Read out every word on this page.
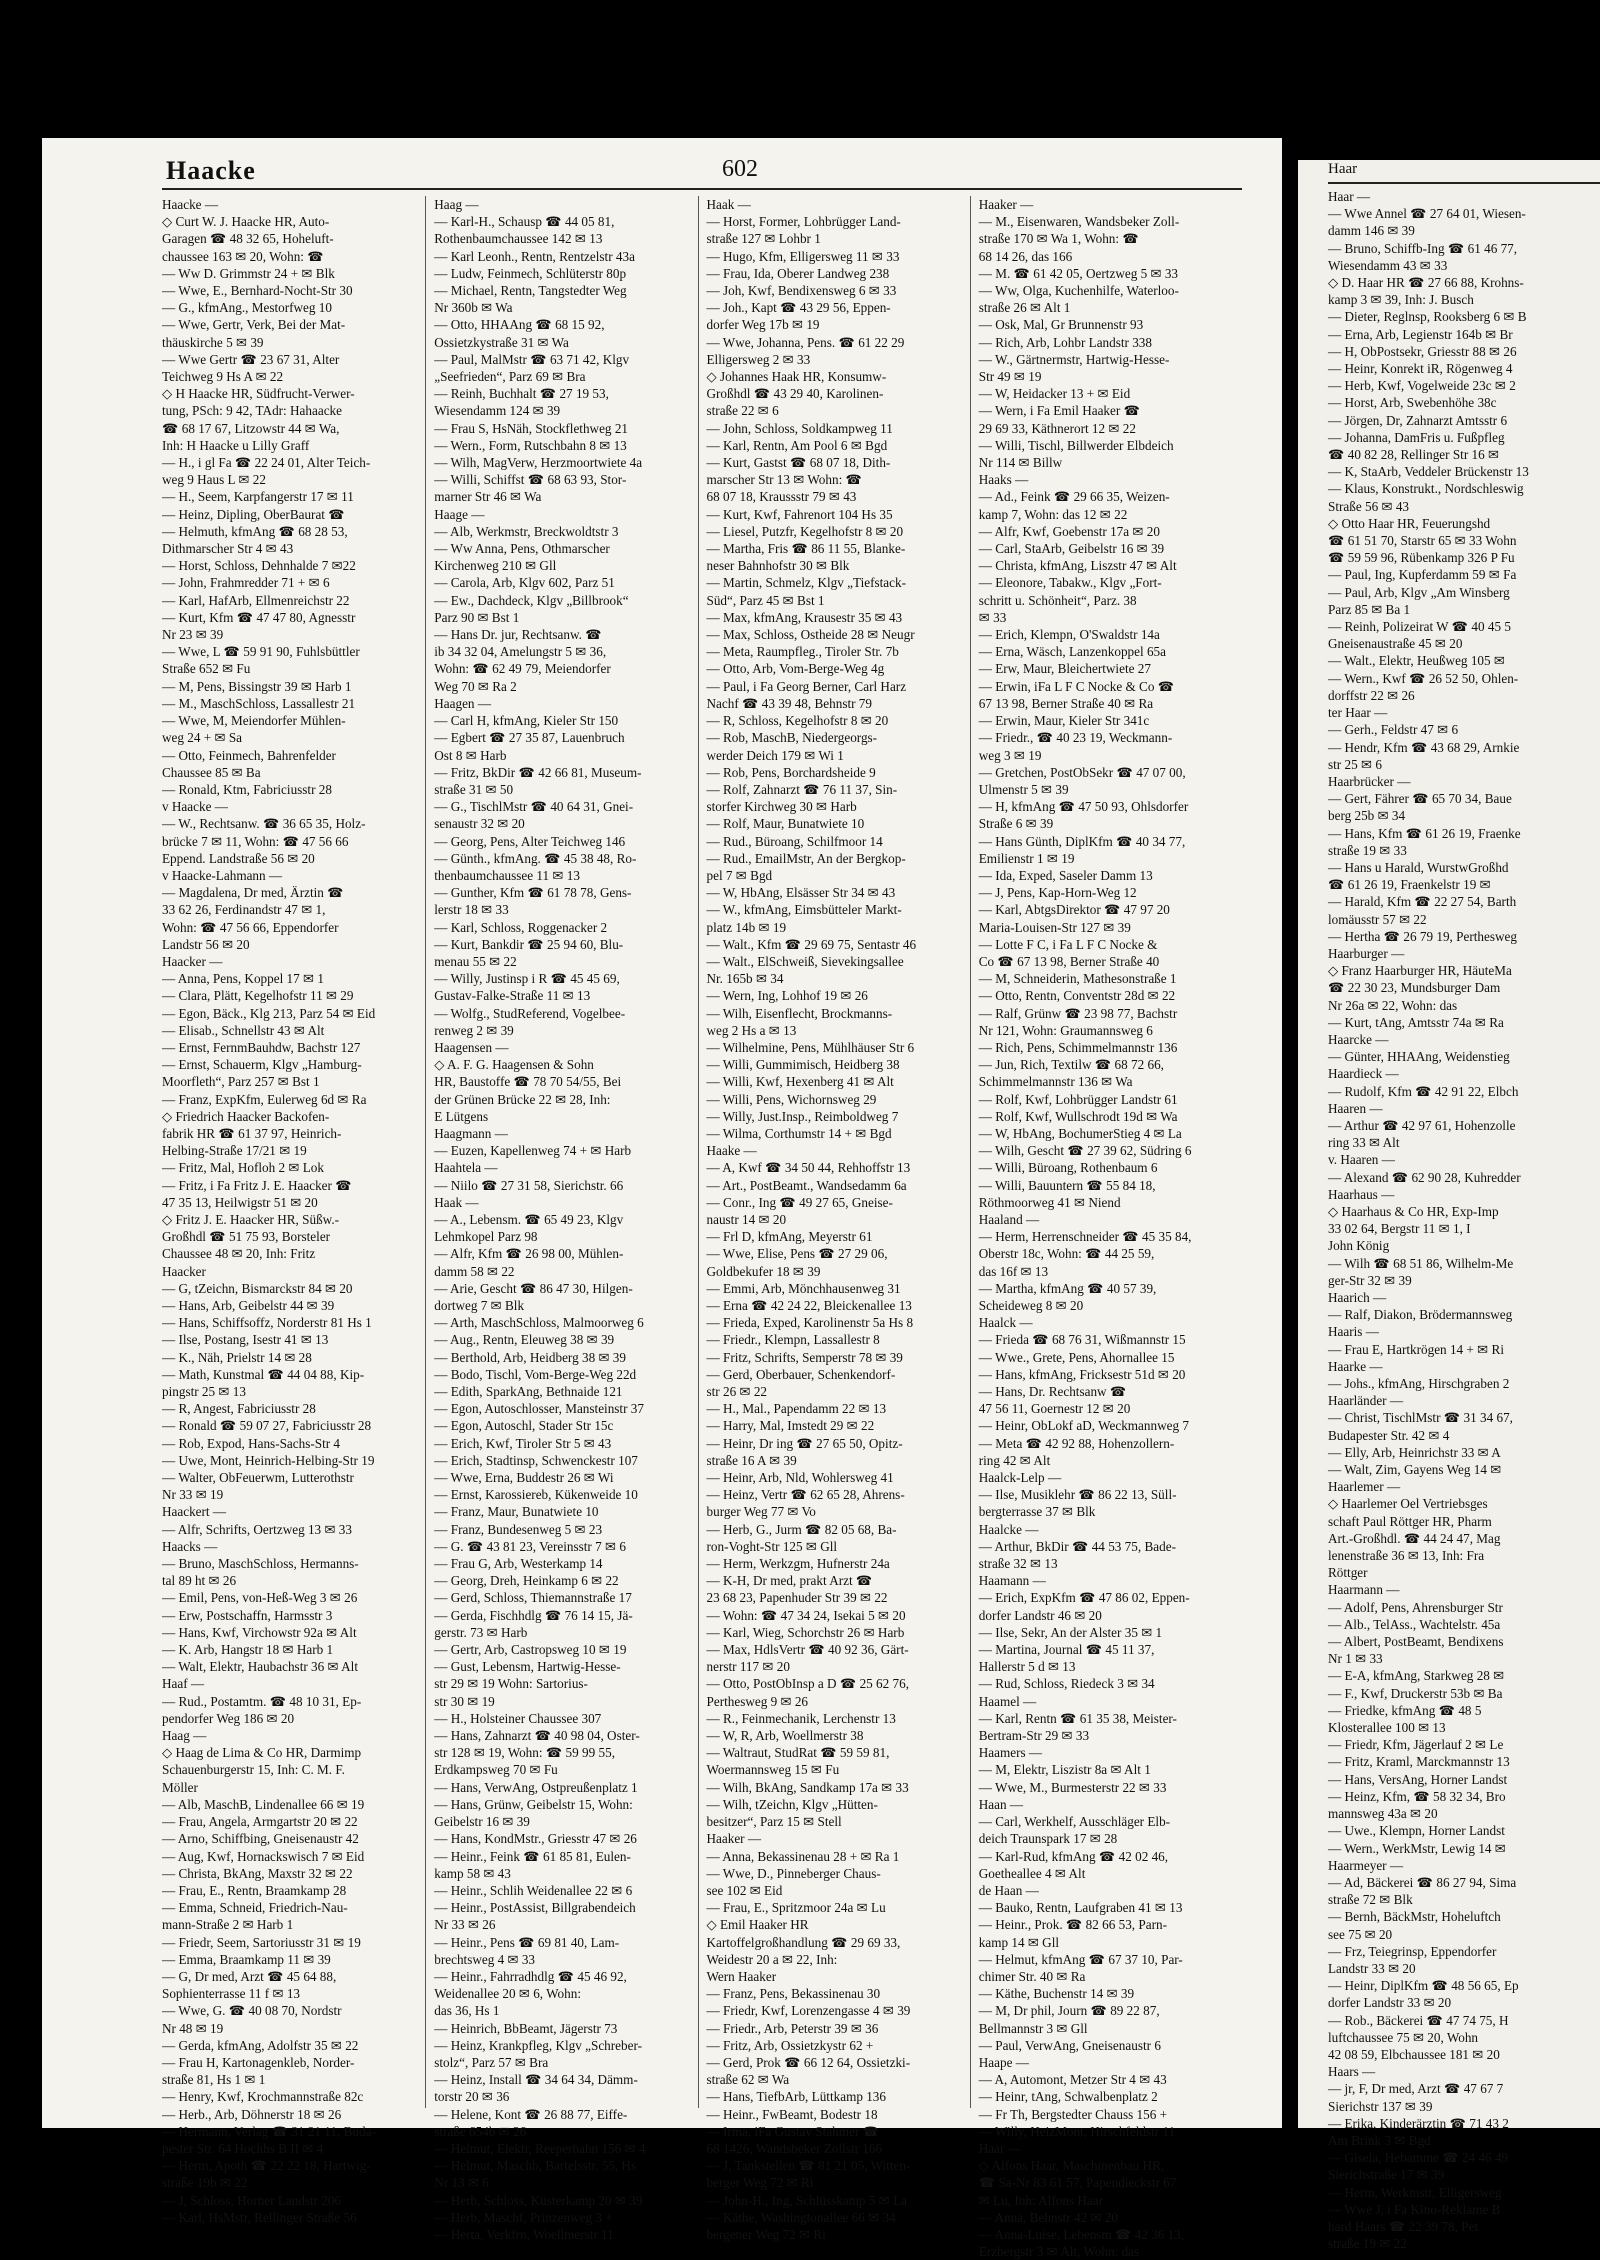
Haacke	602
Haacke —
◇ Curt W. J. Haacke HR, Auto-
Garagen ☎ 48 32 65, Hoheluft-
chaussee 163 ✉ 20, Wohn: ☎
— Ww D. Grimmstr 24 + ✉ Blk
— Wwe, E., Bernhard-Nocht-Str 30
— G., kfmAng., Mestorfweg 10
— Wwe, Gertr, Verk, Bei der Mat-
thäuskirche 5 ✉ 39
— Wwe Gertr ☎ 23 67 31, Alter
Teichweg 9 Hs A ✉ 22
◇ H Haacke HR, Südfrucht-Verwer-
tung, PSch: 9 42, TAdr: Hahaacke
☎ 68 17 67, Litzowstr 44 ✉ Wa,
Inh: H Haacke u Lilly Graff
— H., i gl Fa ☎ 22 24 01, Alter Teich-
weg 9 Haus L ✉ 22
— H., Seem, Karpfangerstr 17 ✉ 11
— Heinz, Dipling, OberBaurat ☎
— Helmuth, kfmAng ☎ 68 28 53,
Dithmarscher Str 4 ✉ 43
— Horst, Schloss, Dehnhalde 7 ✉22
— John, Frahmredder 71 + ✉ 6
— Karl, HafArb, Ellmenreichstr 22
— Kurt, Kfm ☎ 47 47 80, Agnesstr
Nr 23 ✉ 39
— Wwe, L ☎ 59 91 90, Fuhlsbüttler
Straße 652 ✉ Fu
— M, Pens, Bissingstr 39 ✉ Harb 1
— M., MaschSchloss, Lassallestr 21
— Wwe, M, Meiendorfer Mühlen-
weg 24 + ✉ Sa
— Otto, Feinmech, Bahrenfelder
Chaussee 85 ✉ Ba
— Ronald, Ktm, Fabriciusstr 28
v Haacke —
— W., Rechtsanw. ☎ 36 65 35, Holz-
brücke 7 ✉ 11, Wohn: ☎ 47 56 66
Eppend. Landstraße 56 ✉ 20
v Haacke-Lahmann —
— Magdalena, Dr med, Ärztin ☎
33 62 26, Ferdinandstr 47 ✉ 1,
Wohn: ☎ 47 56 66, Eppendorfer
Landstr 56 ✉ 20
Haacker —
— Anna, Pens, Koppel 17 ✉ 1
— Clara, Plätt, Kegelhofstr 11 ✉ 29
— Egon, Bäck., Klg 213, Parz 54 ✉ Eid
— Elisab., Schnellstr 43 ✉ Alt
— Ernst, FernmBauhdw, Bachstr 127
— Ernst, Schauerm, Klgv „Hamburg-
Moorfleth“, Parz 257 ✉ Bst 1
— Franz, ExpKfm, Eulerweg 6d ✉ Ra
◇ Friedrich Haacker Backofen-
fabrik HR ☎ 61 37 97, Heinrich-
Helbing-Straße 17/21 ✉ 19
— Fritz, Mal, Hofloh 2 ✉ Lok
— Fritz, i Fa Fritz J. E. Haacker ☎
47 35 13, Heilwigstr 51 ✉ 20
◇ Fritz J. E. Haacker HR, Süßw.-
Großhdl ☎ 51 75 93, Borsteler
Chaussee 48 ✉ 20, Inh: Fritz
Haacker
— G, tZeichn, Bismarckstr 84 ✉ 20
— Hans, Arb, Geibelstr 44 ✉ 39
— Hans, Schiffsoffz, Norderstr 81 Hs 1
— Ilse, Postang, Isestr 41 ✉ 13
— K., Näh, Prielstr 14 ✉ 28
— Math, Kunstmal ☎ 44 04 88, Kip-
pingstr 25 ✉ 13
— R, Angest, Fabriciusstr 28
— Ronald ☎ 59 07 27, Fabriciusstr 28
— Rob, Expod, Hans-Sachs-Str 4
— Uwe, Mont, Heinrich-Helbing-Str 19
— Walter, ObFeuerwm, Lutterothstr
Nr 33 ✉ 19
Haackert —
— Alfr, Schrifts, Oertzweg 13 ✉ 33
Haacks —
— Bruno, MaschSchloss, Hermanns-
tal 89 ht ✉ 26
— Emil, Pens, von-Heß-Weg 3 ✉ 26
— Erw, Postschaffn, Harmsstr 3
— Hans, Kwf, Virchowstr 92a ✉ Alt
— K. Arb, Hangstr 18 ✉ Harb 1
— Walt, Elektr, Haubachstr 36 ✉ Alt
Haaf —
— Rud., Postamtm. ☎ 48 10 31, Ep-
pendorfer Weg 186 ✉ 20
Haag —
◇ Haag de Lima & Co HR, Darmimp
Schauenburgerstr 15, Inh: C. M. F.
Möller
— Alb, MaschB, Lindenallee 66 ✉ 19
— Frau, Angela, Armgartstr 20 ✉ 22
— Arno, Schiffbing, Gneisenaustr 42
— Aug, Kwf, Hornackswisch 7 ✉ Eid
— Christa, BkAng, Maxstr 32 ✉ 22
— Frau, E., Rentn, Braamkamp 28
— Emma, Schneid, Friedrich-Nau-
mann-Straße 2 ✉ Harb 1
— Friedr, Seem, Sartoriusstr 31 ✉ 19
— Emma, Braamkamp 11 ✉ 39
— G, Dr med, Arzt ☎ 45 64 88,
Sophienterrasse 11 f ✉ 13
— Wwe, G. ☎ 40 08 70, Nordstr
Nr 48 ✉ 19
— Gerda, kfmAng, Adolfstr 35 ✉ 22
— Frau H, Kartonagenkleb, Norder-
straße 81, Hs 1 ✉ 1
— Henry, Kwf, Krochmannstraße 82c
— Herb., Arb, Döhnerstr 18 ✉ 26
— Hermann, Verlag ☎ 31 21 11, Buda-
pester Str. 64 Hochhs B II ✉ 4
— Herm, Apoth ☎ 22 22 18, Hartwig-
straße 19b ✉ 22
— J, Schloss, Horner Landstr 206
— Karl, HsMstr, Rellinger Straße 56
Haag —
— Karl-H., Schausp ☎ 44 05 81,
Rothenbaumchaussee 142 ✉ 13
— Karl Leonh., Rentn, Rentzelstr 43a
— Ludw, Feinmech, Schlüterstr 80p
— Michael, Rentn, Tangstedter Weg
Nr 360b ✉ Wa
— Otto, HHAAng ☎ 68 15 92,
Ossietzkystraße 31 ✉ Wa
— Paul, MalMstr ☎ 63 71 42, Klgv
„Seefrieden“, Parz 69 ✉ Bra
— Reinh, Buchhalt ☎ 27 19 53,
Wiesendamm 124 ✉ 39
— Frau S, HsNäh, Stockflethweg 21
— Wern., Form, Rutschbahn 8 ✉ 13
— Wilh, MagVerw, Herzmoortwiete 4a
— Willi, Schiffst ☎ 68 63 93, Stor-
marner Str 46 ✉ Wa
Haage —
— Alb, Werkmstr, Breckwoldtstr 3
— Ww Anna, Pens, Othmarscher
Kirchenweg 210 ✉ Gll
— Carola, Arb, Klgv 602, Parz 51
— Ew., Dachdeck, Klgv „Billbrook“
Parz 90 ✉ Bst 1
— Hans Dr. jur, Rechtsanw. ☎
ib 34 32 04, Amelungstr 5 ✉ 36,
Wohn: ☎ 62 49 79, Meiendorfer
Weg 70 ✉ Ra 2
Haagen —
— Carl H, kfmAng, Kieler Str 150
— Egbert ☎ 27 35 87, Lauenbruch
Ost 8 ✉ Harb
— Fritz, BkDir ☎ 42 66 81, Museum-
straße 31 ✉ 50
— G., TischlMstr ☎ 40 64 31, Gnei-
senaustr 32 ✉ 20
— Georg, Pens, Alter Teichweg 146
— Günth., kfmAng. ☎ 45 38 48, Ro-
thenbaumchaussee 11 ✉ 13
— Gunther, Kfm ☎ 61 78 78, Gens-
lerstr 18 ✉ 33
— Karl, Schloss, Roggenacker 2
— Kurt, Bankdir ☎ 25 94 60, Blu-
menau 55 ✉ 22
— Willy, Justinsp i R ☎ 45 45 69,
Gustav-Falke-Straße 11 ✉ 13
— Wolfg., StudReferend, Vogelbee-
renweg 2 ✉ 39
Haagensen —
◇ A. F. G. Haagensen & Sohn
HR, Baustoffe ☎ 78 70 54/55, Bei
der Grünen Brücke 22 ✉ 28, Inh:
E Lütgens
Haagmann —
— Euzen, Kapellenweg 74 + ✉ Harb
Haahtela —
— Niilo ☎ 27 31 58, Sierichstr. 66
Haak —
— A., Lebensm. ☎ 65 49 23, Klgv
Lehmkopel Parz 98
— Alfr, Kfm ☎ 26 98 00, Mühlen-
damm 58 ✉ 22
— Arie, Gescht ☎ 86 47 30, Hilgen-
dortweg 7 ✉ Blk
— Arth, MaschSchloss, Malmoorweg 6
— Aug., Rentn, Eleuweg 38 ✉ 39
— Berthold, Arb, Heidberg 38 ✉ 39
— Bodo, Tischl, Vom-Berge-Weg 22d
— Edith, SparkAng, Bethnaide 121
— Egon, Autoschlosser, Mansteinstr 37
— Egon, Autoschl, Stader Str 15c
— Erich, Kwf, Tiroler Str 5 ✉ 43
— Erich, Stadtinsp, Schwenckestr 107
— Wwe, Erna, Buddestr 26 ✉ Wi
— Ernst, Karossiereb, Kükenweide 10
— Franz, Maur, Bunatwiete 10
— Franz, Bundesenweg 5 ✉ 23
— G. ☎ 43 81 23, Vereinsstr 7 ✉ 6
— Frau G, Arb, Westerkamp 14
— Georg, Dreh, Heinkamp 6 ✉ 22
— Gerd, Schloss, Thiemannstraße 17
— Gerda, Fischhdlg ☎ 76 14 15, Jä-
gerstr. 73 ✉ Harb
— Gertr, Arb, Castropsweg 10 ✉ 19
— Gust, Lebensm, Hartwig-Hesse-
str 29 ✉ 19 Wohn: Sartorius-
str 30 ✉ 19
— H., Holsteiner Chaussee 307
— Hans, Zahnarzt ☎ 40 98 04, Oster-
str 128 ✉ 19, Wohn: ☎ 59 99 55,
Erdkampsweg 70 ✉ Fu
— Hans, VerwAng, Ostpreußenplatz 1
— Hans, Grünw, Geibelstr 15, Wohn:
Geibelstr 16 ✉ 39
— Hans, KondMstr., Griesstr 47 ✉ 26
— Heinr., Feink ☎ 61 85 81, Eulen-
kamp 58 ✉ 43
— Heinr., Schlih Weidenallee 22 ✉ 6
— Heinr., PostAssist, Billgrabendeich
Nr 33 ✉ 26
— Heinr., Pens ☎ 69 81 40, Lam-
brechtsweg 4 ✉ 33
— Heinr., Fahrradhdlg ☎ 45 46 92,
Weidenallee 20 ✉ 6, Wohn:
das 36, Hs 1
— Heinrich, BbBeamt, Jägerstr 73
— Heinz, Krankpfleg, Klgv „Schreber-
stolz“, Parz 57 ✉ Bra
— Heinz, Install ☎ 34 64 34, Dämm-
torstr 20 ✉ 36
— Helene, Kont ☎ 26 88 77, Eiffe-
straße 654b ✉ 26
— Helmut, Elektr, Reeperbahn 156 ✉ 4
— Helmut, Maschb, Bartelsstr. 55, Hs
Nr 13 ✉ 6
— Herb, Schloss, Küsterkamp 20 ✉ 39
— Herb, Maschf, Prinzenweg 3 +
— Herta, Verkfrn, Woellmerstr 11
Haak —
— Horst, Former, Lohbrügger Land-
straße 127 ✉ Lohbr 1
— Hugo, Kfm, Elligersweg 11 ✉ 33
— Frau, Ida, Oberer Landweg 238
— Joh, Kwf, Bendixensweg 6 ✉ 33
— Joh., Kapt ☎ 43 29 56, Eppen-
dorfer Weg 17b ✉ 19
— Wwe, Johanna, Pens. ☎ 61 22 29
Elligersweg 2 ✉ 33
◇ Johannes Haak HR, Konsumw-
Großhdl ☎ 43 29 40, Karolinen-
straße 22 ✉ 6
— John, Schloss, Soldkampweg 11
— Karl, Rentn, Am Pool 6 ✉ Bgd
— Kurt, Gastst ☎ 68 07 18, Dith-
marscher Str 13 ✉ Wohn: ☎
68 07 18, Kraussstr 79 ✉ 43
— Kurt, Kwf, Fahrenort 104 Hs 35
— Liesel, Putzfr, Kegelhofstr 8 ✉ 20
— Martha, Fris ☎ 86 11 55, Blanke-
neser Bahnhofstr 30 ✉ Blk
— Martin, Schmelz, Klgv „Tiefstack-
Süd“, Parz 45 ✉ Bst 1
— Max, kfmAng, Krausestr 35 ✉ 43
— Max, Schloss, Ostheide 28 ✉ Neugr
— Meta, Raumpfleg., Tiroler Str. 7b
— Otto, Arb, Vom-Berge-Weg 4g
— Paul, i Fa Georg Berner, Carl Harz
Nachf ☎ 43 39 48, Behnstr 79
— R, Schloss, Kegelhofstr 8 ✉ 20
— Rob, MaschB, Niedergeorgs-
werder Deich 179 ✉ Wi 1
— Rob, Pens, Borchardsheide 9
— Rolf, Zahnarzt ☎ 76 11 37, Sin-
storfer Kirchweg 30 ✉ Harb
— Rolf, Maur, Bunatwiete 10
— Rud., Büroang, Schilfmoor 14
— Rud., EmailMstr, An der Bergkop-
pel 7 ✉ Bgd
— W, HbAng, Elsässer Str 34 ✉ 43
— W., kfmAng, Eimsbütteler Markt-
platz 14b ✉ 19
— Walt., Kfm ☎ 29 69 75, Sentastr 46
— Walt., ElSchweiß, Sievekingsallee
Nr. 165b ✉ 34
— Wern, Ing, Lohhof 19 ✉ 26
— Wilh, Eisenflecht, Brockmanns-
weg 2 Hs a ✉ 13
— Wilhelmine, Pens, Mühlhäuser Str 6
— Willi, Gummimisch, Heidberg 38
— Willi, Kwf, Hexenberg 41 ✉ Alt
— Willi, Pens, Wichornsweg 29
— Willy, Just.Insp., Reimboldweg 7
— Wilma, Corthumstr 14 + ✉ Bgd
Haake —
— A, Kwf ☎ 34 50 44, Rehhoffstr 13
— Art., PostBeamt., Wandsedamm 6a
— Conr., Ing ☎ 49 27 65, Gneise-
naustr 14 ✉ 20
— Frl D, kfmAng, Meyerstr 61
— Wwe, Elise, Pens ☎ 27 29 06,
Goldbekufer 18 ✉ 39
— Emmi, Arb, Mönchhausenweg 31
— Erna ☎ 42 24 22, Bleickenallee 13
— Frieda, Exped, Karolinenstr 5a Hs 8
— Friedr., Klempn, Lassallestr 8
— Fritz, Schrifts, Semperstr 78 ✉ 39
— Gerd, Oberbauer, Schenkendorf-
str 26 ✉ 22
— H., Mal., Papendamm 22 ✉ 13
— Harry, Mal, Imstedt 29 ✉ 22
— Heinr, Dr ing ☎ 27 65 50, Opitz-
straße 16 A ✉ 39
— Heinr, Arb, Nld, Wohlersweg 41
— Heinz, Vertr ☎ 62 65 28, Ahrens-
burger Weg 77 ✉ Vo
— Herb, G., Jurm ☎ 82 05 68, Ba-
ron-Voght-Str 125 ✉ Gll
— Herm, Werkzgm, Hufnerstr 24a
— K-H, Dr med, prakt Arzt ☎
23 68 23, Papenhuder Str 39 ✉ 22
— Wohn: ☎ 47 34 24, Isekai 5 ✉ 20
— Karl, Wieg, Schorchstr 26 ✉ Harb
— Max, HdlsVertr ☎ 40 92 36, Gärt-
nerstr 117 ✉ 20
— Otto, PostObInsp a D ☎ 25 62 76,
Perthesweg 9 ✉ 26
— R., Feinmechanik, Lerchenstr 13
— W, R, Arb, Woellmerstr 38
— Waltraut, StudRat ☎ 59 59 81,
Woermannsweg 15 ✉ Fu
— Wilh, BkAng, Sandkamp 17a ✉ 33
— Wilh, tZeichn, Klgv „Hütten-
besitzer“, Parz 15 ✉ Stell
Haaker —
— Anna, Bekassinenau 28 + ✉ Ra 1
— Wwe, D., Pinneberger Chaus-
see 102 ✉ Eid
— Frau, E., Spritzmoor 24a ✉ Lu
◇ Emil Haaker HR
Kartoffelgroßhandlung ☎ 29 69 33,
Weidestr 20 a ✉ 22, Inh:
Wern Haaker
— Franz, Pens, Bekassinenau 30
— Friedr, Kwf, Lorenzengasse 4 ✉ 39
— Friedr., Arb, Peterstr 39 ✉ 36
— Fritz, Arb, Ossietzkystr 62 +
— Gerd, Prok ☎ 66 12 64, Ossietzki-
straße 62 ✉ Wa
— Hans, TiefbArb, Lüttkamp 136
— Heinr., FwBeamt, Bodestr 18
— Irma, iFa Gustav Stahmer ☎
68 1426, Wandsbeker Zollstr 166
— J, Tankstellen ☎ 81 21 05, Witten-
berger Weg 72 ✉ Ri
— John-H., Ing, Schlüsskamp 5 ✉ La
— Käthe, Washingtonallee 66 ✉ 34
bergener Weg 72 ✉ Ri
Haaker —
— M., Eisenwaren, Wandsbeker Zoll-
straße 170 ✉ Wa 1, Wohn: ☎
68 14 26, das 166
— M. ☎ 61 42 05, Oertzweg 5 ✉ 33
— Ww, Olga, Kuchenhilfe, Waterloo-
straße 26 ✉ Alt 1
— Osk, Mal, Gr Brunnenstr 93
— Rich, Arb, Lohbr Landstr 338
— W., Gärtnermstr, Hartwig-Hesse-
Str 49 ✉ 19
— W, Heidacker 13 + ✉ Eid
— Wern, i Fa Emil Haaker ☎
29 69 33, Käthnerort 12 ✉ 22
— Willi, Tischl, Billwerder Elbdeich
Nr 114 ✉ Billw
Haaks —
— Ad., Feink ☎ 29 66 35, Weizen-
kamp 7, Wohn: das 12 ✉ 22
— Alfr, Kwf, Goebenstr 17a ✉ 20
— Carl, StaArb, Geibelstr 16 ✉ 39
— Christa, kfmAng, Liszstr 47 ✉ Alt
— Eleonore, Tabakw., Klgv „Fort-
schritt u. Schönheit“, Parz. 38
✉ 33
— Erich, Klempn, O'Swaldstr 14a
— Erna, Wäsch, Lanzenkoppel 65a
— Erw, Maur, Bleichertwiete 27
— Erwin, iFa L F C Nocke & Co ☎
67 13 98, Berner Straße 40 ✉ Ra
— Erwin, Maur, Kieler Str 341c
— Friedr., ☎ 40 23 19, Weckmann-
weg 3 ✉ 19
— Gretchen, PostObSekr ☎ 47 07 00,
Ulmenstr 5 ✉ 39
— H, kfmAng ☎ 47 50 93, Ohlsdorfer
Straße 6 ✉ 39
— Hans Günth, DiplKfm ☎ 40 34 77,
Emilienstr 1 ✉ 19
— Ida, Exped, Saseler Damm 13
— J, Pens, Kap-Horn-Weg 12
— Karl, AbtgsDirektor ☎ 47 97 20
Maria-Louisen-Str 127 ✉ 39
— Lotte F C, i Fa L F C Nocke &
Co ☎ 67 13 98, Berner Straße 40
— M, Schneiderin, Mathesonstraße 1
— Otto, Rentn, Conventstr 28d ✉ 22
— Ralf, Grünw ☎ 23 98 77, Bachstr
Nr 121, Wohn: Graumannsweg 6
— Rich, Pens, Schimmelmannstr 136
— Jun, Rich, Textilw ☎ 68 72 66,
Schimmelmannstr 136 ✉ Wa
— Rolf, Kwf, Lohbrügger Landstr 61
— Rolf, Kwf, Wullschrodt 19d ✉ Wa
— W, HbAng, BochumerStieg 4 ✉ La
— Wilh, Gescht ☎ 27 39 62, Südring 6
— Willi, Büroang, Rothenbaum 6
— Willi, Bauuntern ☎ 55 84 18,
Röthmoorweg 41 ✉ Niend
Haaland —
— Herm, Herrenschneider ☎ 45 35 84,
Oberstr 18c, Wohn: ☎ 44 25 59,
das 16f ✉ 13
— Martha, kfmAng ☎ 40 57 39,
Scheideweg 8 ✉ 20
Haalck —
— Frieda ☎ 68 76 31, Wißmannstr 15
— Wwe., Grete, Pens, Ahornallee 15
— Hans, kfmAng, Fricksestr 51d ✉ 20
— Hans, Dr. Rechtsanw ☎
47 56 11, Goernestr 12 ✉ 20
— Heinr, ObLokf aD, Weckmannweg 7
— Meta ☎ 42 92 88, Hohenzollern-
ring 42 ✉ Alt
Haalck-Lelp —
— Ilse, Musiklehr ☎ 86 22 13, Süll-
bergterrasse 37 ✉ Blk
Haalcke —
— Arthur, BkDir ☎ 44 53 75, Bade-
straße 32 ✉ 13
Haamann —
— Erich, ExpKfm ☎ 47 86 02, Eppen-
dorfer Landstr 46 ✉ 20
— Ilse, Sekr, An der Alster 35 ✉ 1
— Martina, Journal ☎ 45 11 37,
Hallerstr 5 d ✉ 13
— Rud, Schloss, Riedeck 3 ✉ 34
Haamel —
— Karl, Rentn ☎ 61 35 38, Meister-
Bertram-Str 29 ✉ 33
Haamers —
— M, Elektr, Liszistr 8a ✉ Alt 1
— Wwe, M., Burmesterstr 22 ✉ 33
Haan —
— Carl, Werkhelf, Ausschläger Elb-
deich Traunspark 17 ✉ 28
— Karl-Rud, kfmAng ☎ 42 02 46,
Goetheallee 4 ✉ Alt
de Haan —
— Bauko, Rentn, Laufgraben 41 ✉ 13
— Heinr., Prok. ☎ 82 66 53, Parn-
kamp 14 ✉ Gll
— Helmut, kfmAng ☎ 67 37 10, Par-
chimer Str. 40 ✉ Ra
— Käthe, Buchenstr 14 ✉ 39
— M, Dr phil, Journ ☎ 89 22 87,
Bellmannstr 3 ✉ Gll
— Paul, VerwAng, Gneisenaustr 6
Haape —
— A, Automont, Metzer Str 4 ✉ 43
— Heinr, tAng, Schwalbenplatz 2
— Fr Th, Bergstedter Chauss 156 +
— Willy, HeizMont, Hirschfeldstr 11
Haar —
◇ Alfons Haar, Maschinenbau HR,
☎ Sa-Nr 83 61 57, Papendieckstr 67
✉ Lu, Inh: Alfons Haar
— Anna, Behnstr 42 ✉ 20
— Anna-Luise, Lebensm ☎ 42 36 13,
Erzbergstr 3 ✉ Alt, Wohn: das
Haar
Haar —
— Wwe Annel ☎ 27 64 01, Wiesen-
damm 146 ✉ 39
— Bruno, Schiffb-Ing ☎ 61 46 77,
Wiesendamm 43 ✉ 33
◇ D. Haar HR ☎ 27 66 88, Krohns-
kamp 3 ✉ 39, Inh: J. Busch
— Dieter, Reglnsp, Rooksberg 6 ✉ B
— Erna, Arb, Legienstr 164b ✉ Br
— H, ObPostsekr, Griesstr 88 ✉ 26
— Heinr, Konrekt iR, Rögenweg 4
— Herb, Kwf, Vogelweide 23c ✉ 2
— Horst, Arb, Swebenhöhe 38c
— Jörgen, Dr, Zahnarzt Amtsstr 6
— Johanna, DamFris u. Fußpfleg
☎ 40 82 28, Rellinger Str 16 ✉
— K, StaArb, Veddeler Brückenstr 13
— Klaus, Konstrukt., Nordschleswig
Straße 56 ✉ 43
◇ Otto Haar HR, Feuerungshd
☎ 61 51 70, Starstr 65 ✉ 33 Wohn
☎ 59 59 96, Rübenkamp 326 P Fu
— Paul, Ing, Kupferdamm 59 ✉ Fa
— Paul, Arb, Klgv „Am Winsberg
Parz 85 ✉ Ba 1
— Reinh, Polizeirat W ☎ 40 45 5
Gneisenaustraße 45 ✉ 20
— Walt., Elektr, Heußweg 105 ✉
— Wern., Kwf ☎ 26 52 50, Ohlen-
dorffstr 22 ✉ 26
ter Haar —
— Gerh., Feldstr 47 ✉ 6
— Hendr, Kfm ☎ 43 68 29, Arnkie
str 25 ✉ 6
Haarbrücker —
— Gert, Fährer ☎ 65 70 34, Baue
berg 25b ✉ 34
— Hans, Kfm ☎ 61 26 19, Fraenke
straße 19 ✉ 33
— Hans u Harald, WurstwGroßhd
☎ 61 26 19, Fraenkelstr 19 ✉
— Harald, Kfm ☎ 22 27 54, Barth
lomäusstr 57 ✉ 22
— Hertha ☎ 26 79 19, Perthesweg
Haarburger —
◇ Franz Haarburger HR, HäuteMa
☎ 22 30 23, Mundsburger Dam
Nr 26a ✉ 22, Wohn: das
— Kurt, tAng, Amtsstr 74a ✉ Ra
Haarcke —
— Günter, HHAAng, Weidenstieg
Haardieck —
— Rudolf, Kfm ☎ 42 91 22, Elbch
Haaren —
— Arthur ☎ 42 97 61, Hohenzolle
ring 33 ✉ Alt
v. Haaren —
— Alexand ☎ 62 90 28, Kuhredder
Haarhaus —
◇ Haarhaus & Co HR, Exp-Imp
33 02 64, Bergstr 11 ✉ 1, I
John König
— Wilh ☎ 68 51 86, Wilhelm-Me
ger-Str 32 ✉ 39
Haarich —
— Ralf, Diakon, Brödermannsweg
Haaris —
— Frau E, Hartkrögen 14 + ✉ Ri
Haarke —
— Johs., kfmAng, Hirschgraben 2
Haarländer —
— Christ, TischlMstr ☎ 31 34 67,
Budapester Str. 42 ✉ 4
— Elly, Arb, Heinrichstr 33 ✉ A
— Walt, Zim, Gayens Weg 14 ✉
Haarlemer —
◇ Haarlemer Oel Vertriebsges
schaft Paul Röttger HR, Pharm
Art.-Großhdl. ☎ 44 24 47, Mag
lenenstraße 36 ✉ 13, Inh: Fra
Röttger
Haarmann —
— Adolf, Pens, Ahrensburger Str
— Alb., TelAss., Wachtelstr. 45a
— Albert, PostBeamt, Bendixens
Nr 1 ✉ 33
— E-A, kfmAng, Starkweg 28 ✉
— F., Kwf, Druckerstr 53b ✉ Ba
— Friedke, kfmAng ☎ 48 5
Klosterallee 100 ✉ 13
— Friedr, Kfm, Jägerlauf 2 ✉ Le
— Fritz, Kraml, Marckmannstr 13
— Hans, VersAng, Horner Landst
— Heinz, Kfm, ☎ 58 32 34, Bro
mannsweg 43a ✉ 20
— Uwe., Klempn, Horner Landst
— Wern., WerkMstr, Lewig 14 ✉
Haarmeyer —
— Ad, Bäckerei ☎ 86 27 94, Sima
straße 72 ✉ Blk
— Bernh, BäckMstr, Hoheluftch
see 75 ✉ 20
— Frz, Teiegrinsp, Eppendorfer
Landstr 33 ✉ 20
— Heinr, DiplKfm ☎ 48 56 65, Ep
dorfer Landstr 33 ✉ 20
— Rob., Bäckerei ☎ 47 74 75, H
luftchaussee 75 ✉ 20, Wohn
42 08 59, Elbchaussee 181 ✉ 20
Haars —
— jr, F, Dr med, Arzt ☎ 47 67 7
Sierichstr 137 ✉ 39
— Erika, Kinderärztin ☎ 71 43 2
Am Brink 3 ✉ Bgd
— Gisela, Hebamme ☎ 24 46 49
Sierichstraße 17 ✉ 39
— Herm, Werkmstr, Elligersweg
— Wwe J, i Fa Kino-Reklame B
hard Haars ☎ 22 39 78, Pet
straße 19 ✉ 22
